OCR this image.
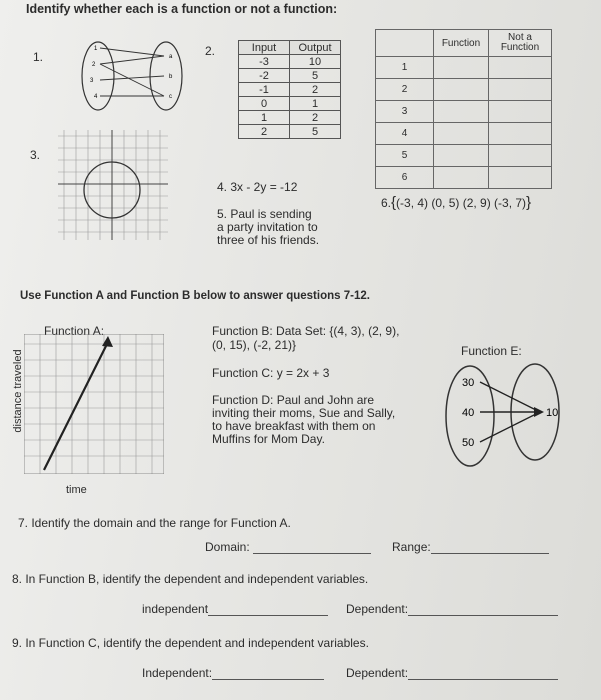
Identify whether each is a function or not a function:
1.
1
2
3
4
a
b
c
2.	Input	Output
-3	10
-2	5
-1	2
0	1
1	2
2	5
	Function	Not a Function
1		
2		
3		
4		
5		
6		
3.
4. 3x - 2y = -12
5. Paul is sending
a party invitation to
three of his friends.
6.{(-3, 4) (0, 5) (2, 9) (-3, 7)}
Use Function A and Function B below to answer questions 7-12.
Function A:
distance traveled
time
Function B: Data Set: {(4, 3), (2, 9),
(0, 15), (-2, 21)}
Function C: y = 2x + 3
Function D: Paul and John are
inviting their moms, Sue and Sally,
to have breakfast with them on
Muffins for Mom Day.
Function E:
30
40
50
10
7. Identify the domain and the range for Function A.
Domain:	Range:
8. In Function B, identify the dependent and independent variables.
independent	Dependent:
9. In Function C, identify the dependent and independent variables.
Independent:	Dependent:
